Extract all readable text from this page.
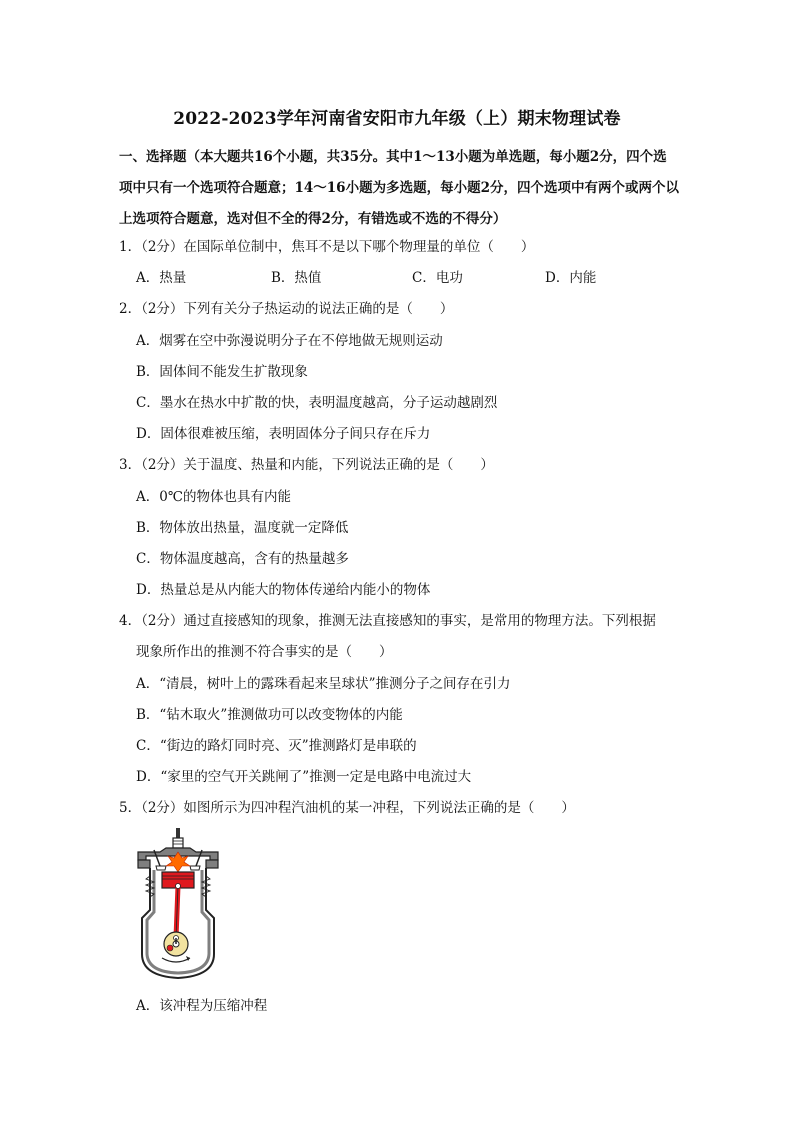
2022-2023学年河南省安阳市九年级（上）期末物理试卷
一、选择题（本大题共16个小题，共35分。其中1～13小题为单选题，每小题2分，四个选项中只有一个选项符合题意；14～16小题为多选题，每小题2分，四个选项中有两个或两个以上选项符合题意，选对但不全的得2分，有错选或不选的不得分）
1．（2分）在国际单位制中，焦耳不是以下哪个物理量的单位（　　）
A．热量	B．热值	C．电功	D．内能
2．（2分）下列有关分子热运动的说法正确的是（　　）
A．烟雾在空中弥漫说明分子在不停地做无规则运动
B．固体间不能发生扩散现象
C．墨水在热水中扩散的快，表明温度越高，分子运动越剧烈
D．固体很难被压缩，表明固体分子间只存在斥力
3．（2分）关于温度、热量和内能，下列说法正确的是（　　）
A．0℃的物体也具有内能
B．物体放出热量，温度就一定降低
C．物体温度越高，含有的热量越多
D．热量总是从内能大的物体传递给内能小的物体
4．（2分）通过直接感知的现象，推测无法直接感知的事实，是常用的物理方法。下列根据
现象所作出的推测不符合事实的是（　　）
A．“清晨，树叶上的露珠看起来呈球状”推测分子之间存在引力
B．“钻木取火”推测做功可以改变物体的内能
C．“街边的路灯同时亮、灭”推测路灯是串联的
D．“家里的空气开关跳闸了”推测一定是电路中电流过大
5．（2分）如图所示为四冲程汽油机的某一冲程，下列说法正确的是（　　）
A．该冲程为压缩冲程
